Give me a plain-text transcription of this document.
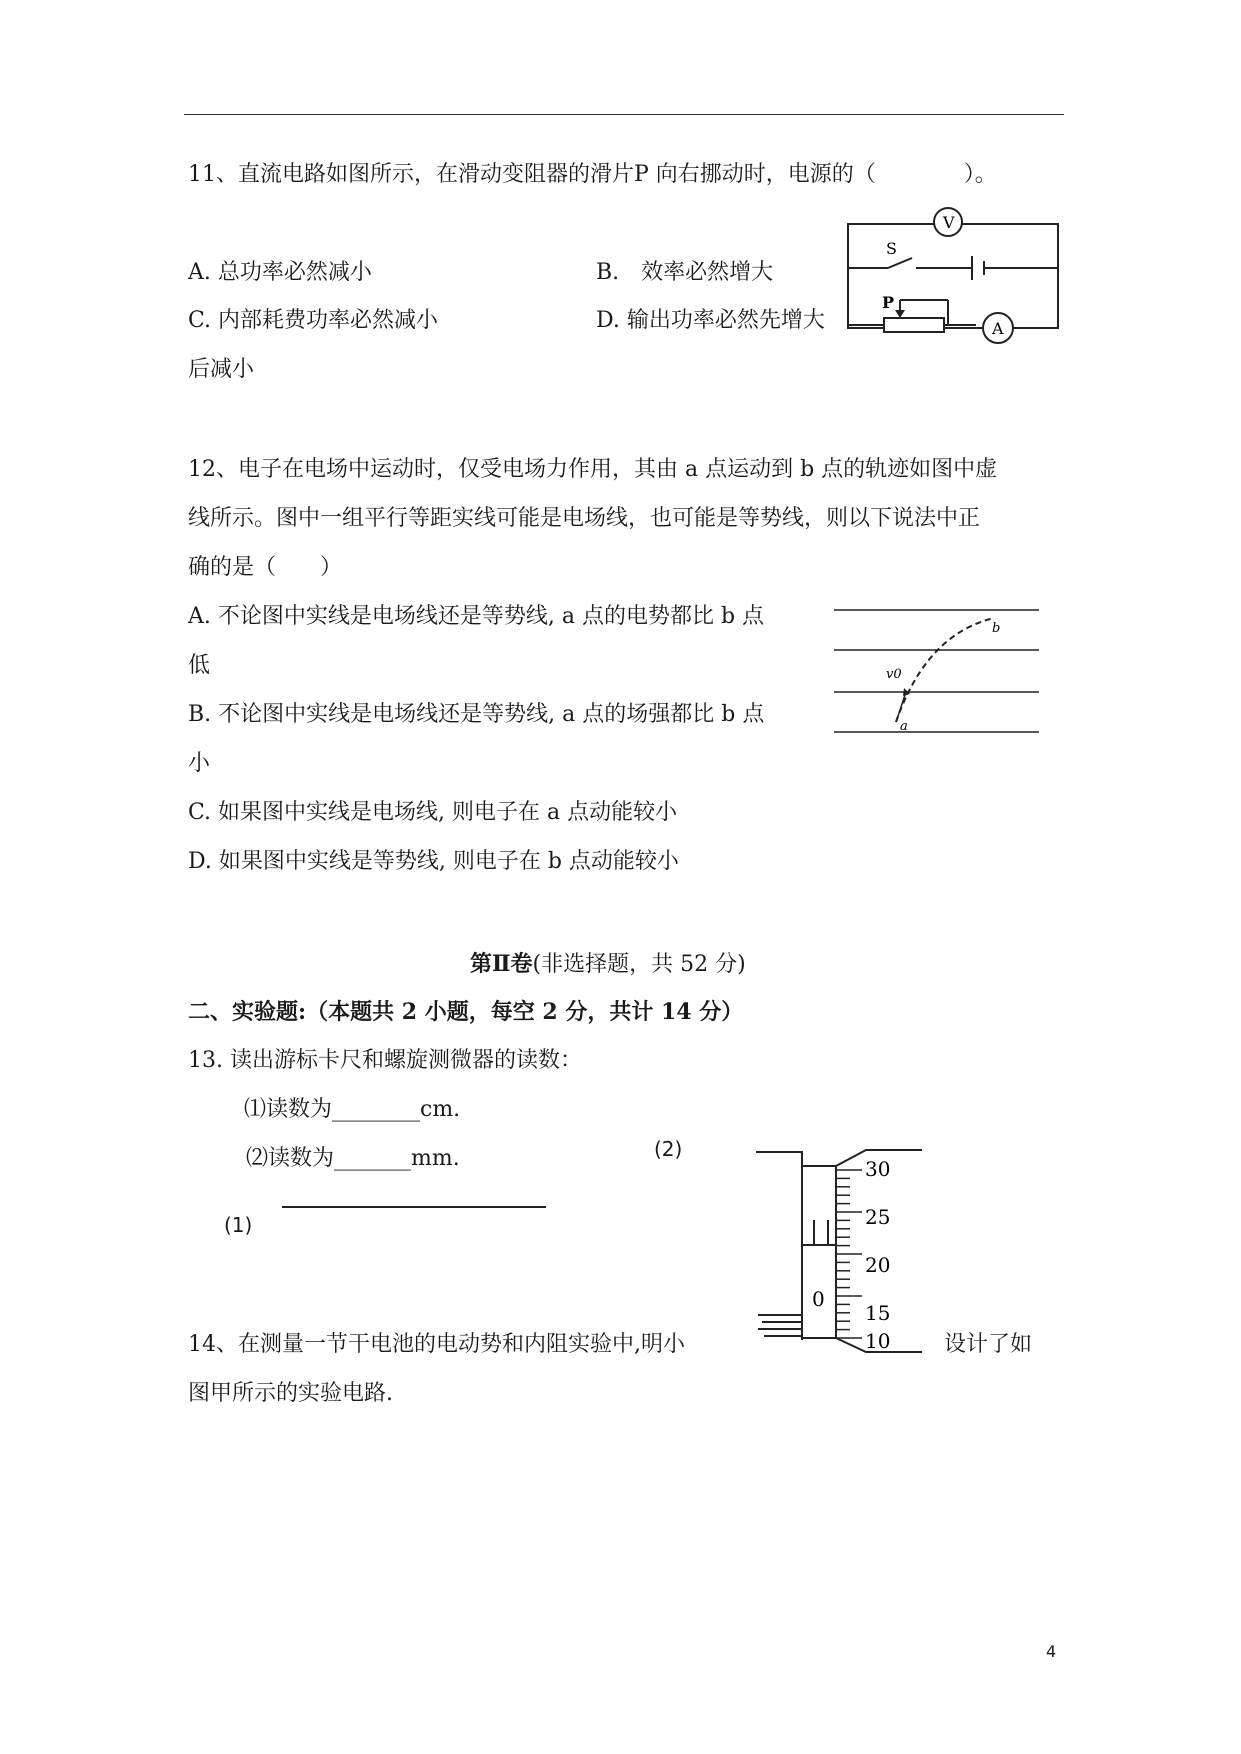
11、直流电路如图所示，在滑动变阻器的滑片P 向右挪动时，电源的（　　　　）。
A. 总功率必然减小	B.　效率必然增大
C. 内部耗费功率必然减小	D. 输出功率必然先增大
后减小
V
A
S
P
12、电子在电场中运动时，仅受电场力作用，其由 a 点运动到 b 点的轨迹如图中虚
线所示。图中一组平行等距实线可能是电场线，也可能是等势线，则以下说法中正
确的是（　　）
A. 不论图中实线是电场线还是等势线, a 点的电势都比 b 点
低
B. 不论图中实线是电场线还是等势线, a 点的场强都比 b 点
小
C. 如果图中实线是电场线, 则电子在 a 点动能较小
D. 如果图中实线是等势线, 则电子在 b 点动能较小
a
b
v0
第Ⅱ卷(非选择题，共 52 分)
二、实验题:（本题共 2 小题，每空 2 分，共计 14 分）
13. 读出游标卡尺和螺旋测微器的读数：
⑴读数为________cm.
⑵读数为_______mm.
(1)
(2)
0
30
25
20
15
10
14、在测量一节干电池的电动势和内阻实验中,明小	设计了如
图甲所示的实验电路.
4
